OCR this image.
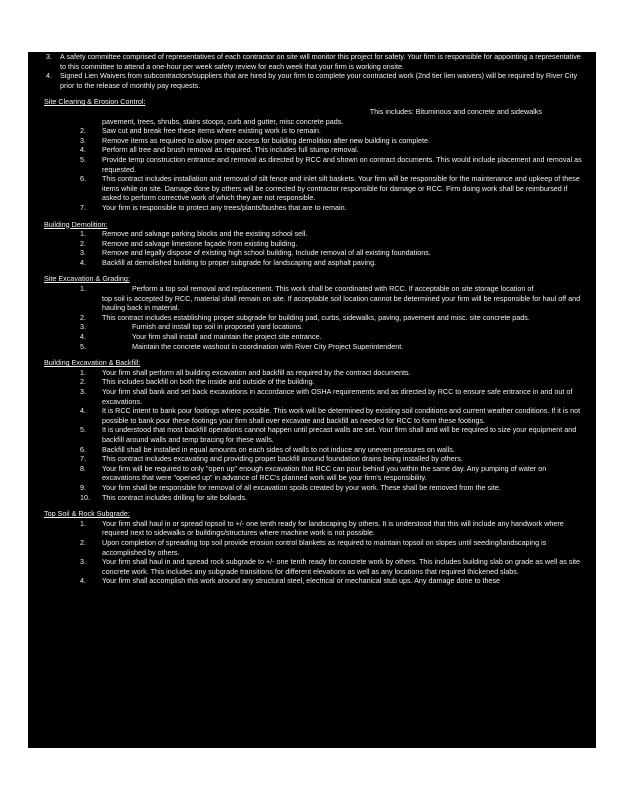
3.	A safety committee comprised of representatives of each contractor on site will monitor this project for safety. Your firm is responsible for appointing a representative to this committee to attend a one-hour per week safety review for each week that your firm is working onsite.
4.	Signed Lien Waivers from subcontractors/suppliers that are hired by your firm to complete your contracted work (2nd tier lien waivers) will be required by River City prior to the release of monthly pay requests.
Site Clearing & Erosion Control:
This includes: Bituminous and concrete and sidewalks
pavement, trees, shrubs, stairs stoops, curb and gutter, misc concrete pads.
2.	Saw cut and break free these items where existing work is to remain.
3.	Remove items as required to allow proper access for building demolition after new building is complete.
4.	Perform all tree and brush removal as required. This includes full stump removal.
5.	Provide temp construction entrance and removal as directed by RCC and shown on contract documents. This would include placement and removal as requested.
6.	This contract includes installation and removal of silt fence and inlet silt baskets. Your firm will be responsible for the maintenance and upkeep of these items while on site. Damage done by others will be corrected by contractor responsible for damage or RCC. Firm doing work shall be reimbursed if asked to perform corrective work of which they are not responsible.
7.	Your firm is responsible to protect any trees/plants/bushes that are to remain.
Building Demolition:
1.	Remove and salvage parking blocks and the existing school sell.
2.	Remove and salvage limestone façade from existing building.
3.	Remove and legally dispose of existing high school building. Include removal of all existing foundations.
4.	Backfill at demolished building to proper subgrade for landscaping and asphalt paving.
Site Excavation & Grading:
1.	Perform a top soil removal and replacement. This work shall be coordinated with RCC. If acceptable on site storage location of
top soil is accepted by RCC, material shall remain on site. If acceptable soil location cannot be determined your firm will be responsible for haul off and hauling back in material.
2.	This contract includes establishing proper subgrade for building pad, curbs, sidewalks, paving, pavement and misc. site concrete pads.
3.	Furnish and install top soil in proposed yard locations.
4.	Your firm shall install and maintain the project site entrance.
5.	Maintain the concrete washout in coordination with River City Project Superintendent.
Building Excavation & Backfill:
1.	Your firm shall perform all building excavation and backfill as required by the contract documents.
2.	This includes backfill on both the inside and outside of the building.
3.	Your firm shall bank and set back excavations in accordance with OSHA requirements and as directed by RCC to ensure safe entrance in and out of excavations.
4.	It is RCC intent to bank pour footings where possible. This work will be determined by existing soil conditions and current weather conditions. If it is not possible to bank pour these footings your firm shall over excavate and backfill as needed for RCC to form these footings.
5.	It is understood that most backfill operations cannot happen until precast walls are set. Your firm shall and will be required to size your equipment and backfill around walls and temp bracing for these walls.
6.	Backfill shall be installed in equal amounts on each sides of walls to not induce any uneven pressures on walls.
7.	This contract includes excavating and providing proper backfill around foundation drains being installed by others.
8.	Your firm will be required to only "open up" enough excavation that RCC can pour behind you within the same day. Any pumping of water on excavations that were "opened up" in advance of RCC's planned work will be your firm's responsibility.
9.	Your firm shall be responsible for removal of all excavation spoils created by your work. These shall be removed from the site.
10.	This contract includes drilling for site bollards.
Top Soil & Rock Subgrade:
1.	Your firm shall haul in or spread topsoil to +/- one tenth ready for landscaping by others. It is understood that this will include any handwork where required next to sidewalks or buildings/structures where machine work is not possible.
2.	Upon completion of spreading top soil provide erosion control blankets as required to maintain topsoil on slopes until seeding/landscaping is accomplished by others.
3.	Your firm shall haul in and spread rock subgrade to +/- one tenth ready for concrete work by others. This includes building slab on grade as well as site concrete work. This includes any subgrade transitions for different elevations as well as any locations that required thickened slabs.
4.	Your firm shall accomplish this work around any structural steel, electrical or mechanical stub ups. Any damage done to these
